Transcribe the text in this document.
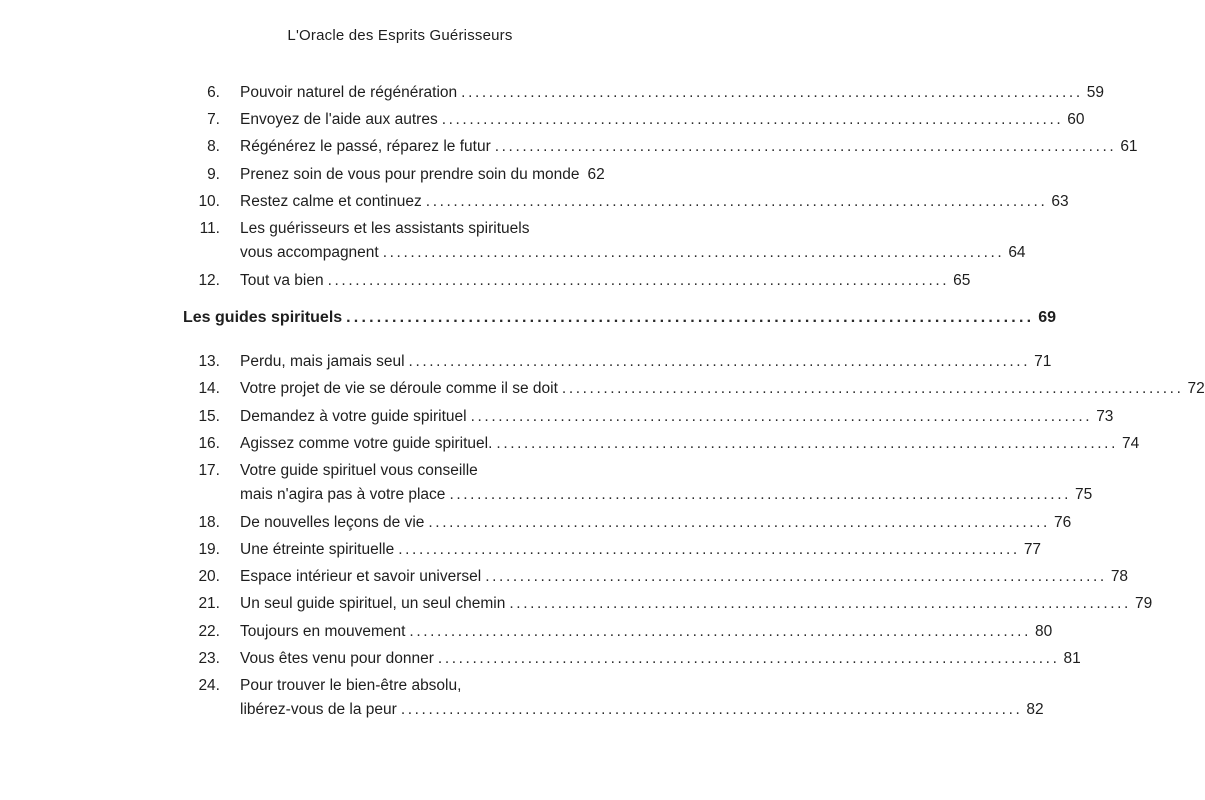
L'Oracle des Esprits Guérisseurs
6. Pouvoir naturel de régénération .......................................................................................... 59
7. Envoyez de l'aide aux autres .......................................................................................... 60
8. Régénérez le passé, réparez le futur .......................................................................................... 61
9. Prenez soin de vous pour prendre soin du monde 62
10. Restez calme et continuez .......................................................................................... 63
11. Les guérisseurs et les assistants spirituels
vous accompagnent .......................................................................................... 64
12. Tout va bien .......................................................................................... 65
Les guides spirituels .......................................................................................... 69
13. Perdu, mais jamais seul .......................................................................................... 71
14. Votre projet de vie se déroule comme il se doit .......................................................................................... 72
15. Demandez à votre guide spirituel .......................................................................................... 73
16. Agissez comme votre guide spirituel. .......................................................................................... 74
17. Votre guide spirituel vous conseille
mais n'agira pas à votre place .......................................................................................... 75
18. De nouvelles leçons de vie .......................................................................................... 76
19. Une étreinte spirituelle .......................................................................................... 77
20. Espace intérieur et savoir universel .......................................................................................... 78
21. Un seul guide spirituel, un seul chemin .......................................................................................... 79
22. Toujours en mouvement .......................................................................................... 80
23. Vous êtes venu pour donner .......................................................................................... 81
24. Pour trouver le bien-être absolu,
libérez-vous de la peur .......................................................................................... 82
